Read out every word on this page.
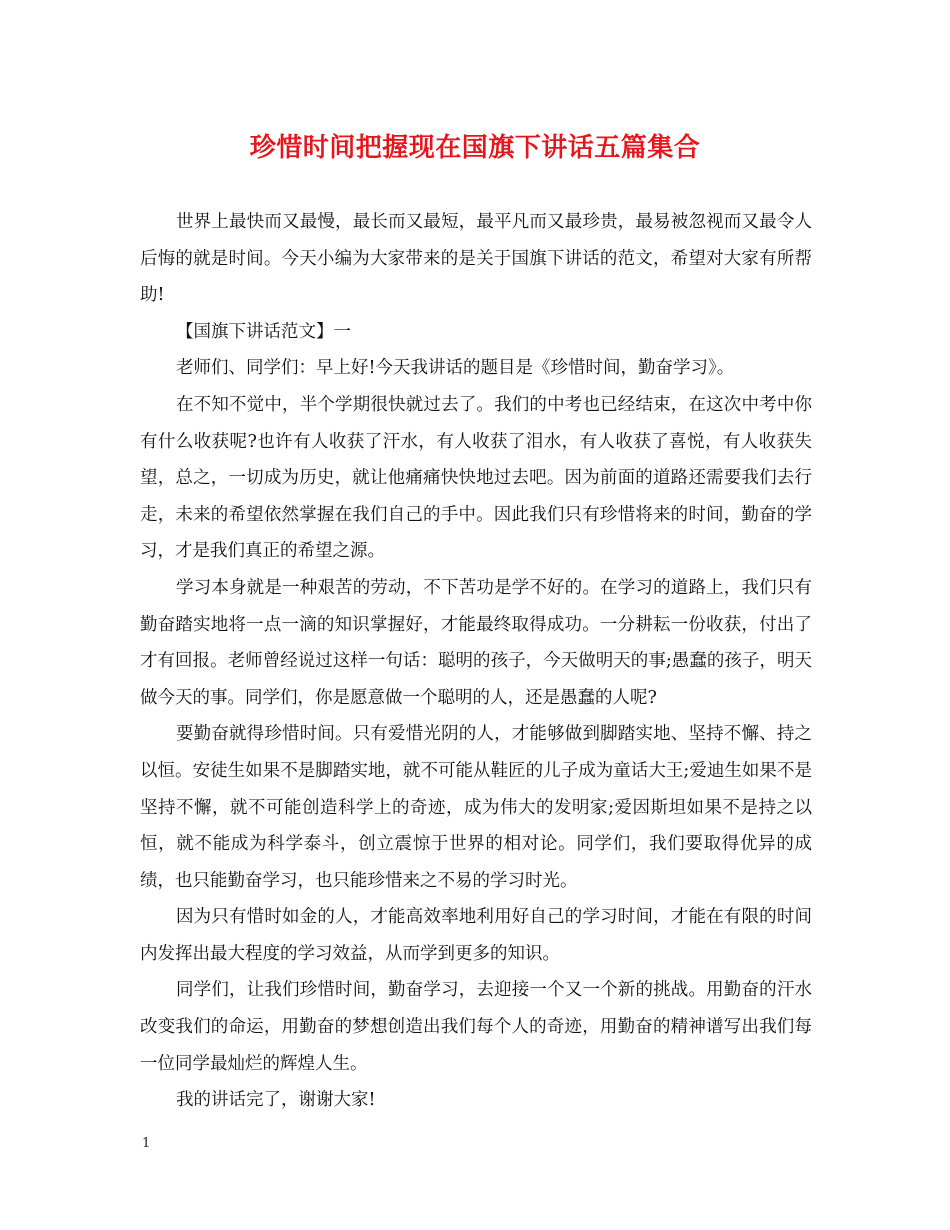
珍惜时间把握现在国旗下讲话五篇集合

世界上最快而又最慢，最长而又最短，最平凡而又最珍贵，最易被忽视而又最令人后悔的就是时间。今天小编为大家带来的是关于国旗下讲话的范文，希望对大家有所帮助!

【国旗下讲话范文】一

老师们、同学们：早上好!今天我讲话的题目是《珍惜时间，勤奋学习》。

在不知不觉中，半个学期很快就过去了。我们的中考也已经结束，在这次中考中你有什么收获呢?也许有人收获了汗水，有人收获了泪水，有人收获了喜悦，有人收获失望，总之，一切成为历史，就让他痛痛快快地过去吧。因为前面的道路还需要我们去行走，未来的希望依然掌握在我们自己的手中。因此我们只有珍惜将来的时间，勤奋的学习，才是我们真正的希望之源。

学习本身就是一种艰苦的劳动，不下苦功是学不好的。在学习的道路上，我们只有勤奋踏实地将一点一滴的知识掌握好，才能最终取得成功。一分耕耘一份收获，付出了才有回报。老师曾经说过这样一句话：聪明的孩子，今天做明天的事;愚蠢的孩子，明天做今天的事。同学们，你是愿意做一个聪明的人，还是愚蠢的人呢?

要勤奋就得珍惜时间。只有爱惜光阴的人，才能够做到脚踏实地、坚持不懈、持之以恒。安徒生如果不是脚踏实地，就不可能从鞋匠的儿子成为童话大王;爱迪生如果不是坚持不懈，就不可能创造科学上的奇迹，成为伟大的发明家;爱因斯坦如果不是持之以恒，就不能成为科学泰斗，创立震惊于世界的相对论。同学们，我们要取得优异的成绩，也只能勤奋学习，也只能珍惜来之不易的学习时光。

因为只有惜时如金的人，才能高效率地利用好自己的学习时间，才能在有限的时间内发挥出最大程度的学习效益，从而学到更多的知识。

同学们，让我们珍惜时间，勤奋学习，去迎接一个又一个新的挑战。用勤奋的汗水改变我们的命运，用勤奋的梦想创造出我们每个人的奇迹，用勤奋的精神谱写出我们每一位同学最灿烂的辉煌人生。

我的讲话完了，谢谢大家!

1
